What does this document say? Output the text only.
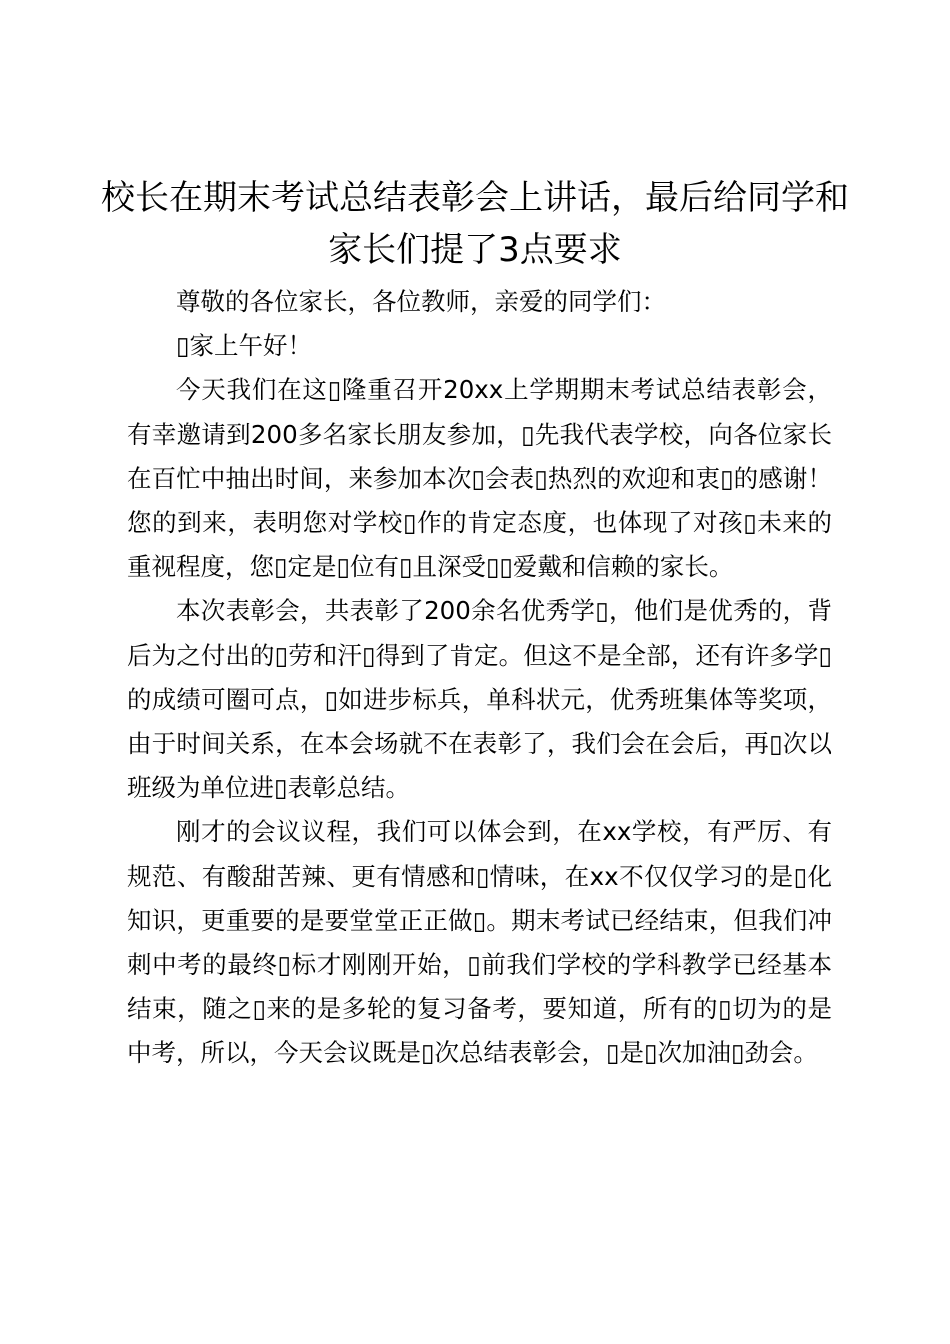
校长在期末考试总结表彰会上讲话，最后给同学和家长们提了3点要求

尊敬的各位家长，各位教师，亲爱的同学们：

▯家上午好！

今天我们在这▯隆重召开20xx上学期期末考试总结表彰会，有幸邀请到200多名家长朋友参加，▯先我代表学校，向各位家长在百忙中抽出时间，来参加本次▯会表▯热烈的欢迎和衷▯的感谢！您的到来，表明您对学校▯作的肯定态度，也体现了对孩▯未来的重视程度，您▯定是▯位有▯且深受▯▯爱戴和信赖的家长。

本次表彰会，共表彰了200余名优秀学▯，他们是优秀的，背后为之付出的▯劳和汗▯得到了肯定。但这不是全部，还有许多学▯的成绩可圈可点，▯如进步标兵，单科状元，优秀班集体等奖项，由于时间关系，在本会场就不在表彰了，我们会在会后，再▯次以班级为单位进▯表彰总结。

刚才的会议议程，我们可以体会到，在xx学校，有严厉、有规范、有酸甜苦辣、更有情感和▯情味，在xx不仅仅学习的是▯化知识，更重要的是要堂堂正正做▯。期末考试已经结束，但我们冲刺中考的最终▯标才刚刚开始，▯前我们学校的学科教学已经基本结束，随之▯来的是多轮的复习备考，要知道，所有的▯切为的是中考，所以，今天会议既是▯次总结表彰会，▯是▯次加油▯劲会。
